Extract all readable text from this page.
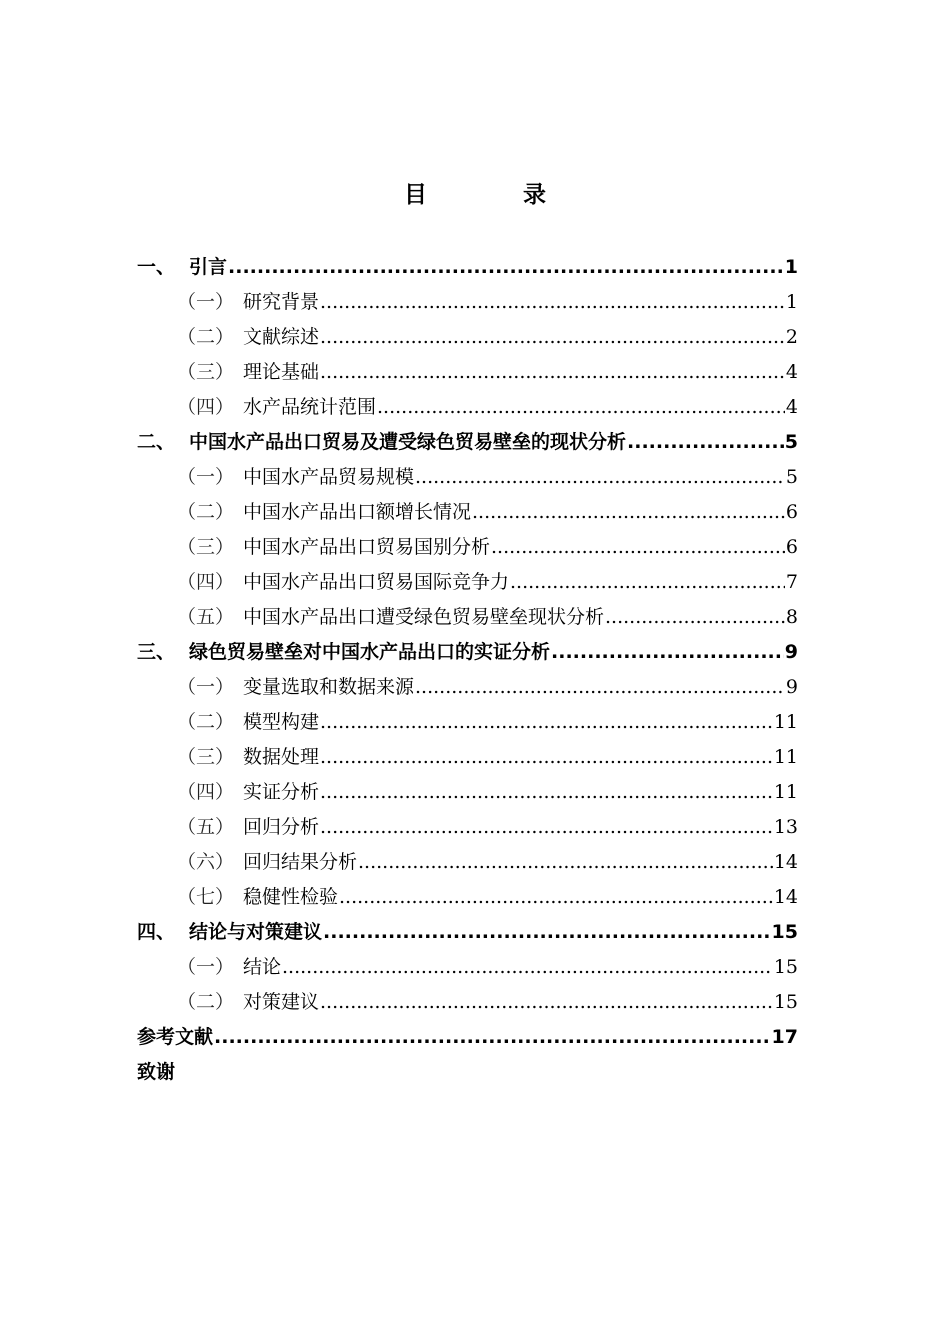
目	录
一、 引言 .....	1
（一） 研究背景 .....	1
（二） 文献综述 .....	2
（三） 理论基础 .....	4
（四） 水产品统计范围 .....	4
二、 中国水产品出口贸易及遭受绿色贸易壁垒的现状分析 .....	5
（一） 中国水产品贸易规模 .....	5
（二） 中国水产品出口额增长情况 .....	6
（三） 中国水产品出口贸易国别分析 .....	6
（四） 中国水产品出口贸易国际竞争力 .....	7
（五） 中国水产品出口遭受绿色贸易壁垒现状分析 .....	8
三、 绿色贸易壁垒对中国水产品出口的实证分析 .....	9
（一） 变量选取和数据来源 .....	9
（二） 模型构建 .....	11
（三） 数据处理 .....	11
（四） 实证分析 .....	11
（五） 回归分析 .....	13
（六） 回归结果分析 .....	14
（七） 稳健性检验 .....	14
四、 结论与对策建议 .....	15
（一） 结论 .....	15
（二） 对策建议 .....	15
参考文献 .....	17
致谢
